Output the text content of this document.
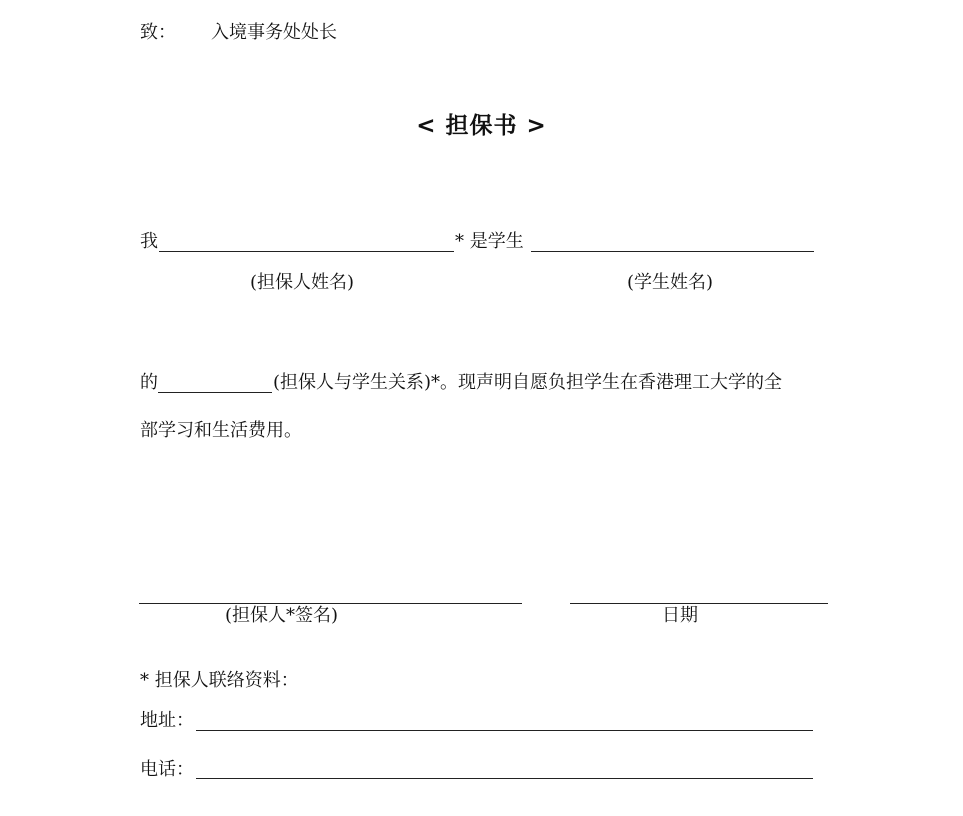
致： 入境事务处处长
< 担保书 >
我	* 是学生
(担保人姓名)	(学生姓名)
的	(担保人与学生关系)*。现声明自愿负担学生在香港理工大学的全
部学习和生活费用。
(担保人*签名)	日期
* 担保人联络资料：
地址：
电话：
